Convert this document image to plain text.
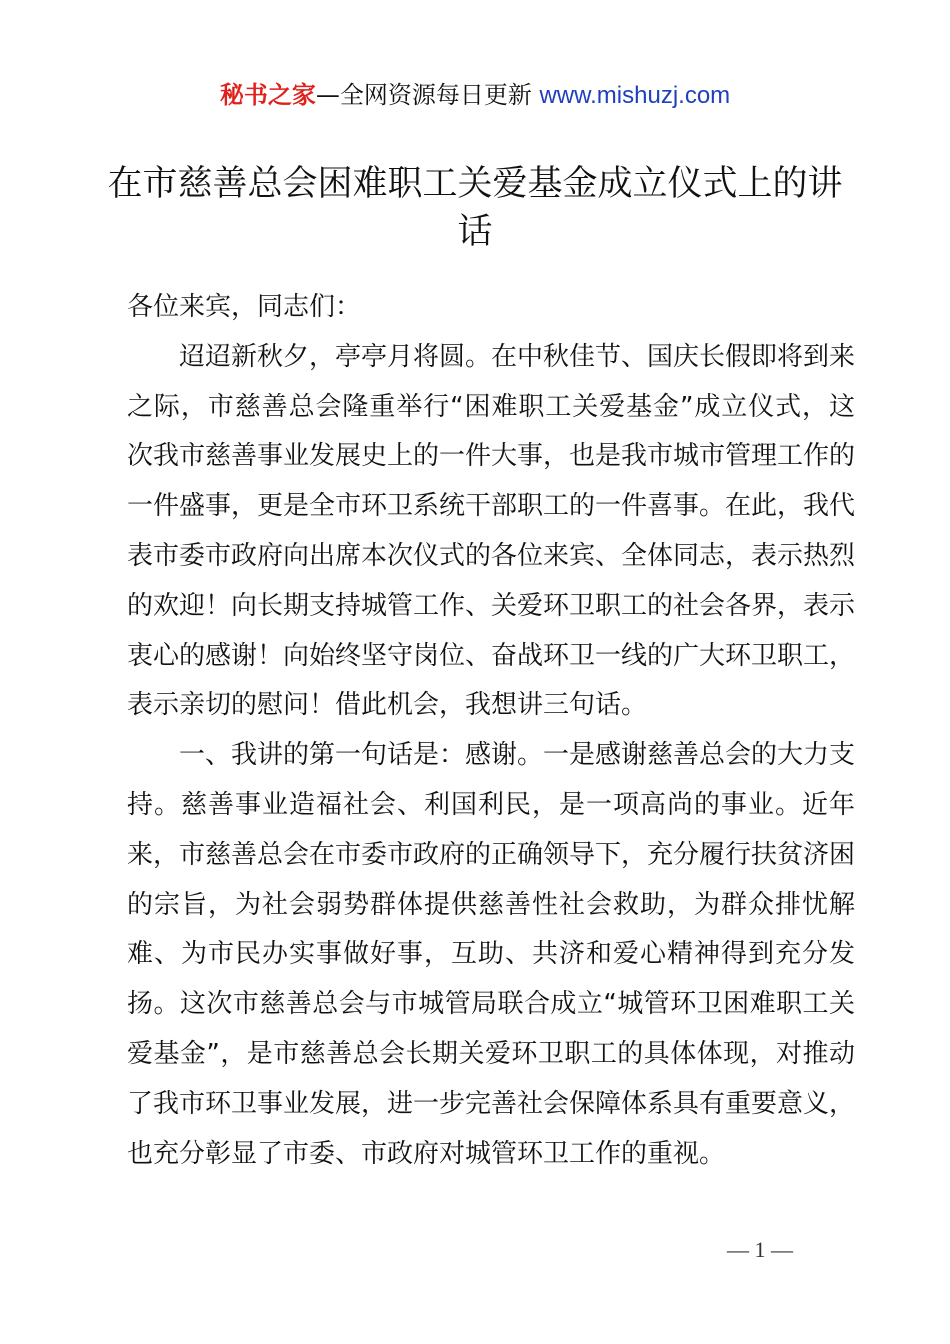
秘书之家—全网资源每日更新 www.mishuzj.com
在市慈善总会困难职工关爱基金成立仪式上的讲话

各位来宾，同志们：

迢迢新秋夕，亭亭月将圆。在中秋佳节、国庆长假即将到来之际，市慈善总会隆重举行“困难职工关爱基金”成立仪式，这次我市慈善事业发展史上的一件大事，也是我市城市管理工作的一件盛事，更是全市环卫系统干部职工的一件喜事。在此，我代表市委市政府向出席本次仪式的各位来宾、全体同志，表示热烈的欢迎！向长期支持城管工作、关爱环卫职工的社会各界，表示衷心的感谢！向始终坚守岗位、奋战环卫一线的广大环卫职工，表示亲切的慰问！借此机会，我想讲三句话。

一、我讲的第一句话是：感谢。一是感谢慈善总会的大力支持。慈善事业造福社会、利国利民，是一项高尚的事业。近年来，市慈善总会在市委市政府的正确领导下，充分履行扶贫济困的宗旨，为社会弱势群体提供慈善性社会救助，为群众排忧解难、为市民办实事做好事，互助、共济和爱心精神得到充分发扬。这次市慈善总会与市城管局联合成立“城管环卫困难职工关爱基金”，是市慈善总会长期关爱环卫职工的具体体现，对推动了我市环卫事业发展，进一步完善社会保障体系具有重要意义，也充分彰显了市委、市政府对城管环卫工作的重视。

— 1 —
